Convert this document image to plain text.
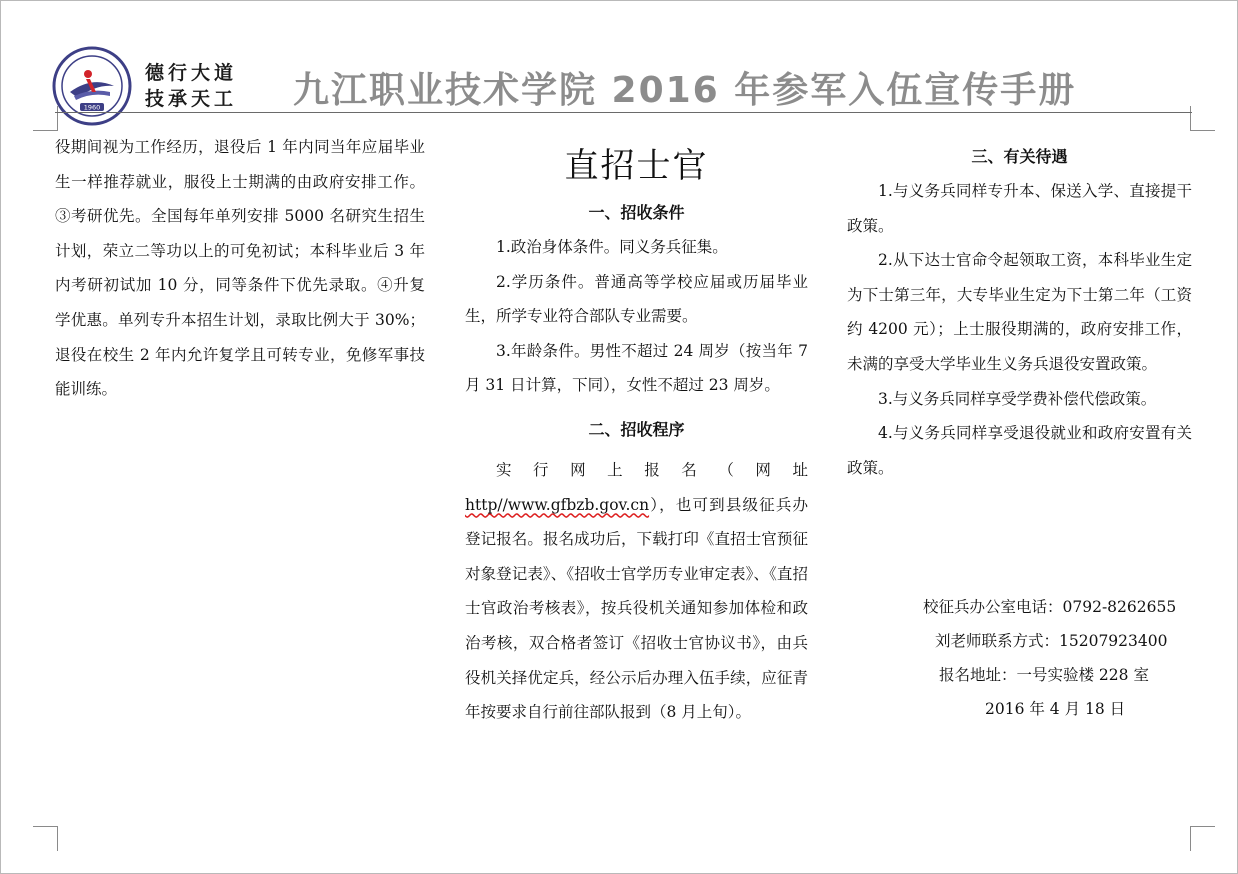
1960
德行大道
技承天工 九江职业技术学院 2016 年参军入伍宣传手册

役期间视为工作经历，退役后 1 年内同当年应届毕业生一样推荐就业，服役上士期满的由政府安排工作。③考研优先。全国每年单列安排 5000 名研究生招生计划，荣立二等功以上的可免初试；本科毕业后 3 年内考研初试加 10 分，同等条件下优先录取。④升复学优惠。单列专升本招生计划，录取比例大于 30%；退役在校生 2 年内允许复学且可转专业，免修军事技能训练。

直招士官
一、招收条件

1.政治身体条件。同义务兵征集。

2.学历条件。普通高等学校应届或历届毕业生，所学专业符合部队专业需要。

3.年龄条件。男性不超过 24 周岁（按当年 7 月 31 日计算，下同），女性不超过 23 周岁。

二、招收程序

实行网上报名（网址http//www.gfbzb.gov.cn），也可到县级征兵办登记报名。报名成功后，下载打印《直招士官预征对象登记表》、《招收士官学历专业审定表》、《直招士官政治考核表》，按兵役机关通知参加体检和政治考核，双合格者签订《招收士官协议书》，由兵役机关择优定兵，经公示后办理入伍手续，应征青年按要求自行前往部队报到（8 月上旬）。

三、有关待遇

1.与义务兵同样专升本、保送入学、直接提干政策。

2.从下达士官命令起领取工资，本科毕业生定为下士第三年，大专毕业生定为下士第二年（工资约 4200 元）；上士服役期满的，政府安排工作，未满的享受大学毕业生义务兵退役安置政策。

3.与义务兵同样享受学费补偿代偿政策。

4.与义务兵同样享受退役就业和政府安置有关政策。

校征兵办公室电话：0792-8262655
刘老师联系方式：15207923400
报名地址：一号实验楼 228 室
2016 年 4 月 18 日
